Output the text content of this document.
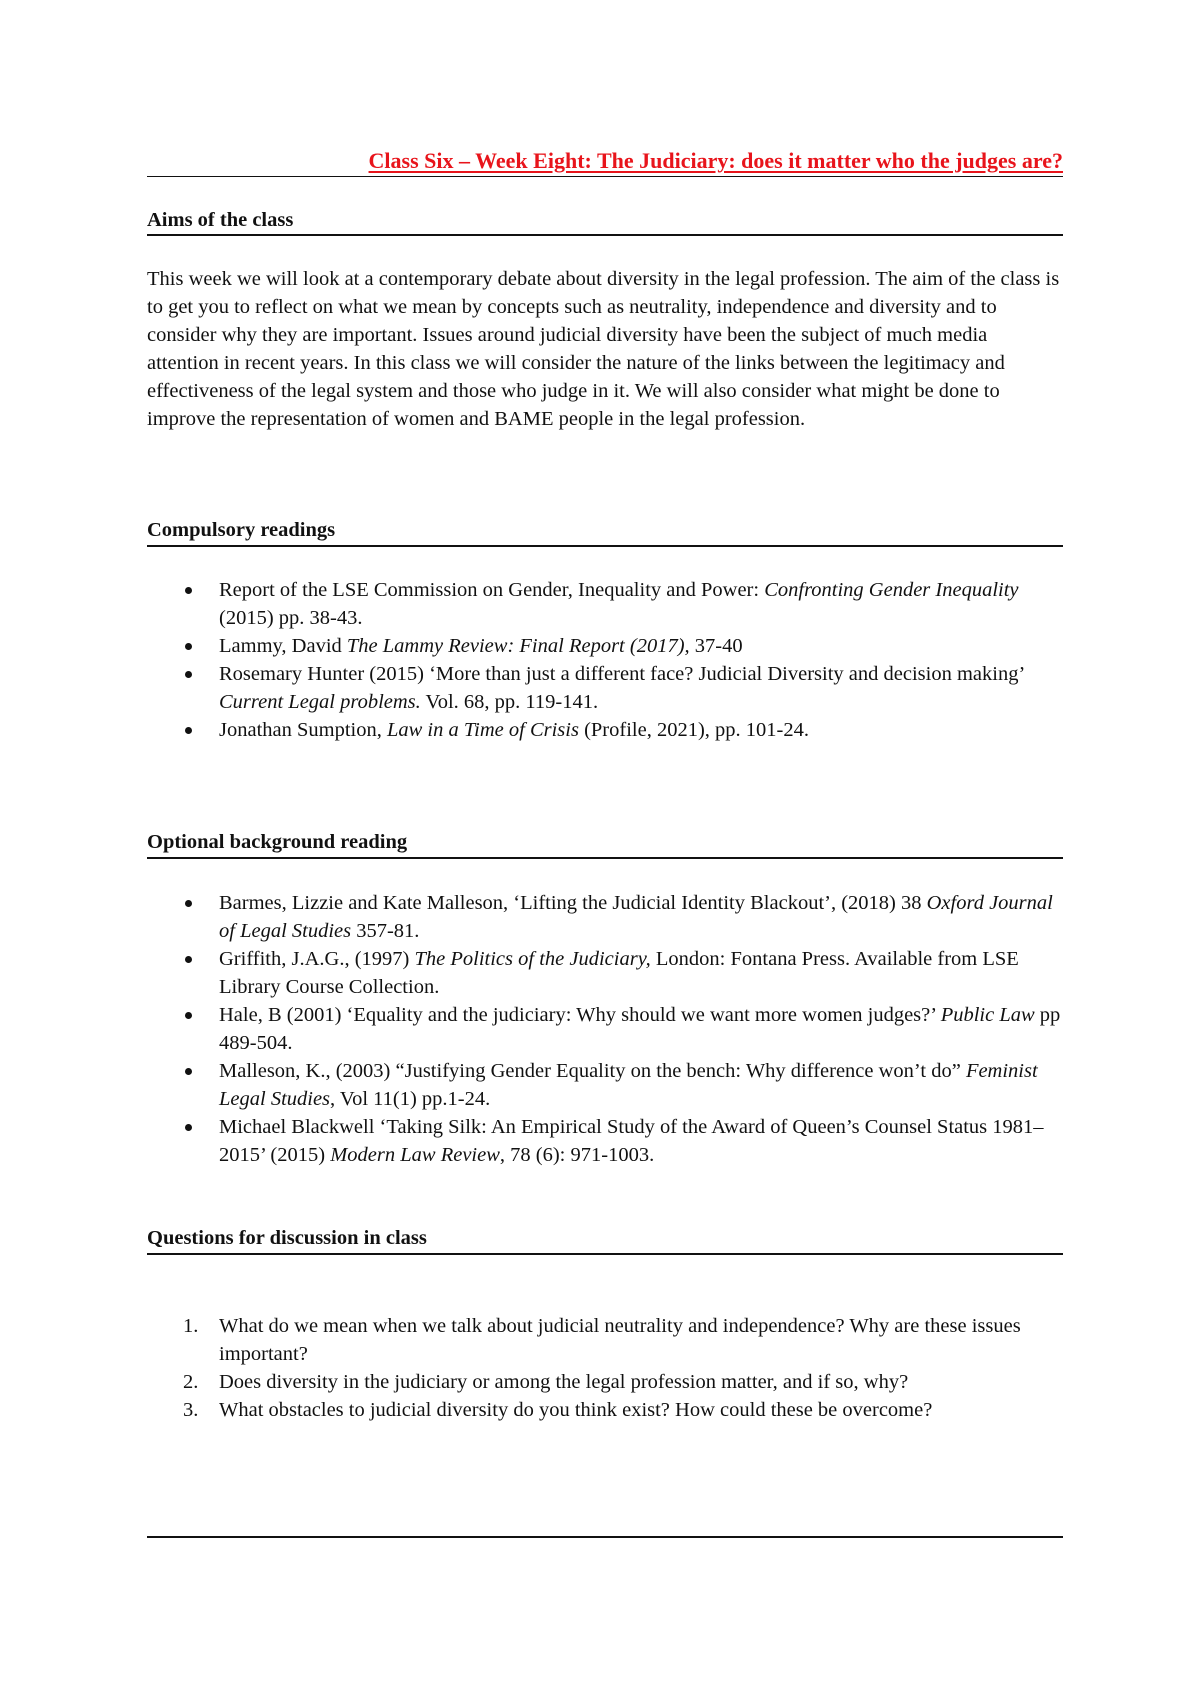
Class Six – Week Eight: The Judiciary: does it matter who the judges are?
Aims of the class

This week we will look at a contemporary debate about diversity in the legal profession. The aim of the class is to get you to reflect on what we mean by concepts such as neutrality, independence and diversity and to consider why they are important. Issues around judicial diversity have been the subject of much media attention in recent years. In this class we will consider the nature of the links between the legitimacy and effectiveness of the legal system and those who judge in it. We will also consider what might be done to improve the representation of women and BAME people in the legal profession.

Compulsory readings
Report of the LSE Commission on Gender, Inequality and Power: Confronting Gender Inequality (2015) pp. 38-43.
Lammy, David The Lammy Review: Final Report (2017), 37-40
Rosemary Hunter (2015) ‘More than just a different face? Judicial Diversity and decision making’ Current Legal problems. Vol. 68, pp. 119-141.
Jonathan Sumption, Law in a Time of Crisis (Profile, 2021), pp. 101-24.
Optional background reading
Barmes, Lizzie and Kate Malleson, ‘Lifting the Judicial Identity Blackout’, (2018) 38 Oxford Journal of Legal Studies 357-81.
Griffith, J.A.G., (1997) The Politics of the Judiciary, London: Fontana Press. Available from LSE Library Course Collection.
Hale, B (2001) ‘Equality and the judiciary: Why should we want more women judges?’ Public Law pp 489-504.
Malleson, K., (2003) “Justifying Gender Equality on the bench: Why difference won’t do” Feminist Legal Studies, Vol 11(1) pp.1-24.
Michael Blackwell ‘Taking Silk: An Empirical Study of the Award of Queen’s Counsel Status 1981–2015’ (2015) Modern Law Review, 78 (6): 971-1003.
Questions for discussion in class
1. What do we mean when we talk about judicial neutrality and independence? Why are these issues important?
2. Does diversity in the judiciary or among the legal profession matter, and if so, why?
3. What obstacles to judicial diversity do you think exist? How could these be overcome?
